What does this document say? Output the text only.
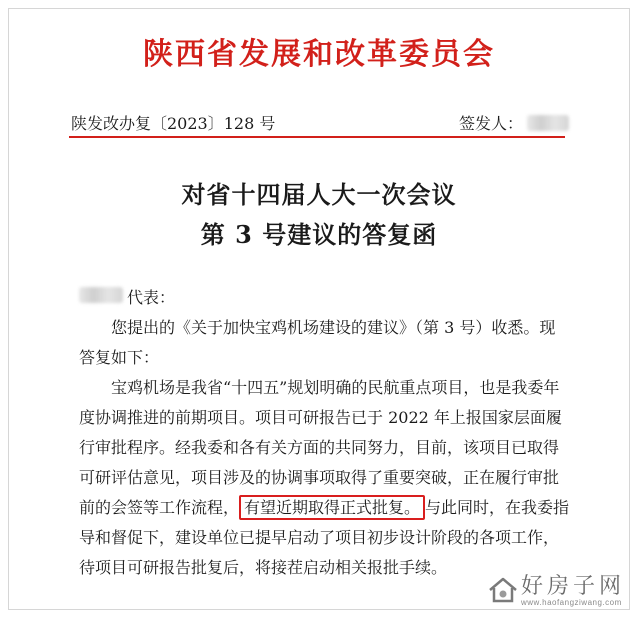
陕西省发展和改革委员会
陕发改办复〔2023〕128 号	签发人：
对省十四届人大一次会议
第 3 号建议的答复函

代表：

您提出的《关于加快宝鸡机场建设的建议》（第 3 号）收悉。现

答复如下：

宝鸡机场是我省“十四五”规划明确的民航重点项目，也是我委年

度协调推进的前期项目。项目可研报告已于 2022 年上报国家层面履

行审批程序。经我委和各有关方面的共同努力，目前，该项目已取得

可研评估意见，项目涉及的协调事项取得了重要突破，正在履行审批

前的会签等工作流程， 有望近期取得正式批复。 与此同时，在我委指

导和督促下，建设单位已提早启动了项目初步设计阶段的各项工作，

待项目可研报告批复后，将接茬启动相关报批手续。

好房子网
www.haofangziwang.com
